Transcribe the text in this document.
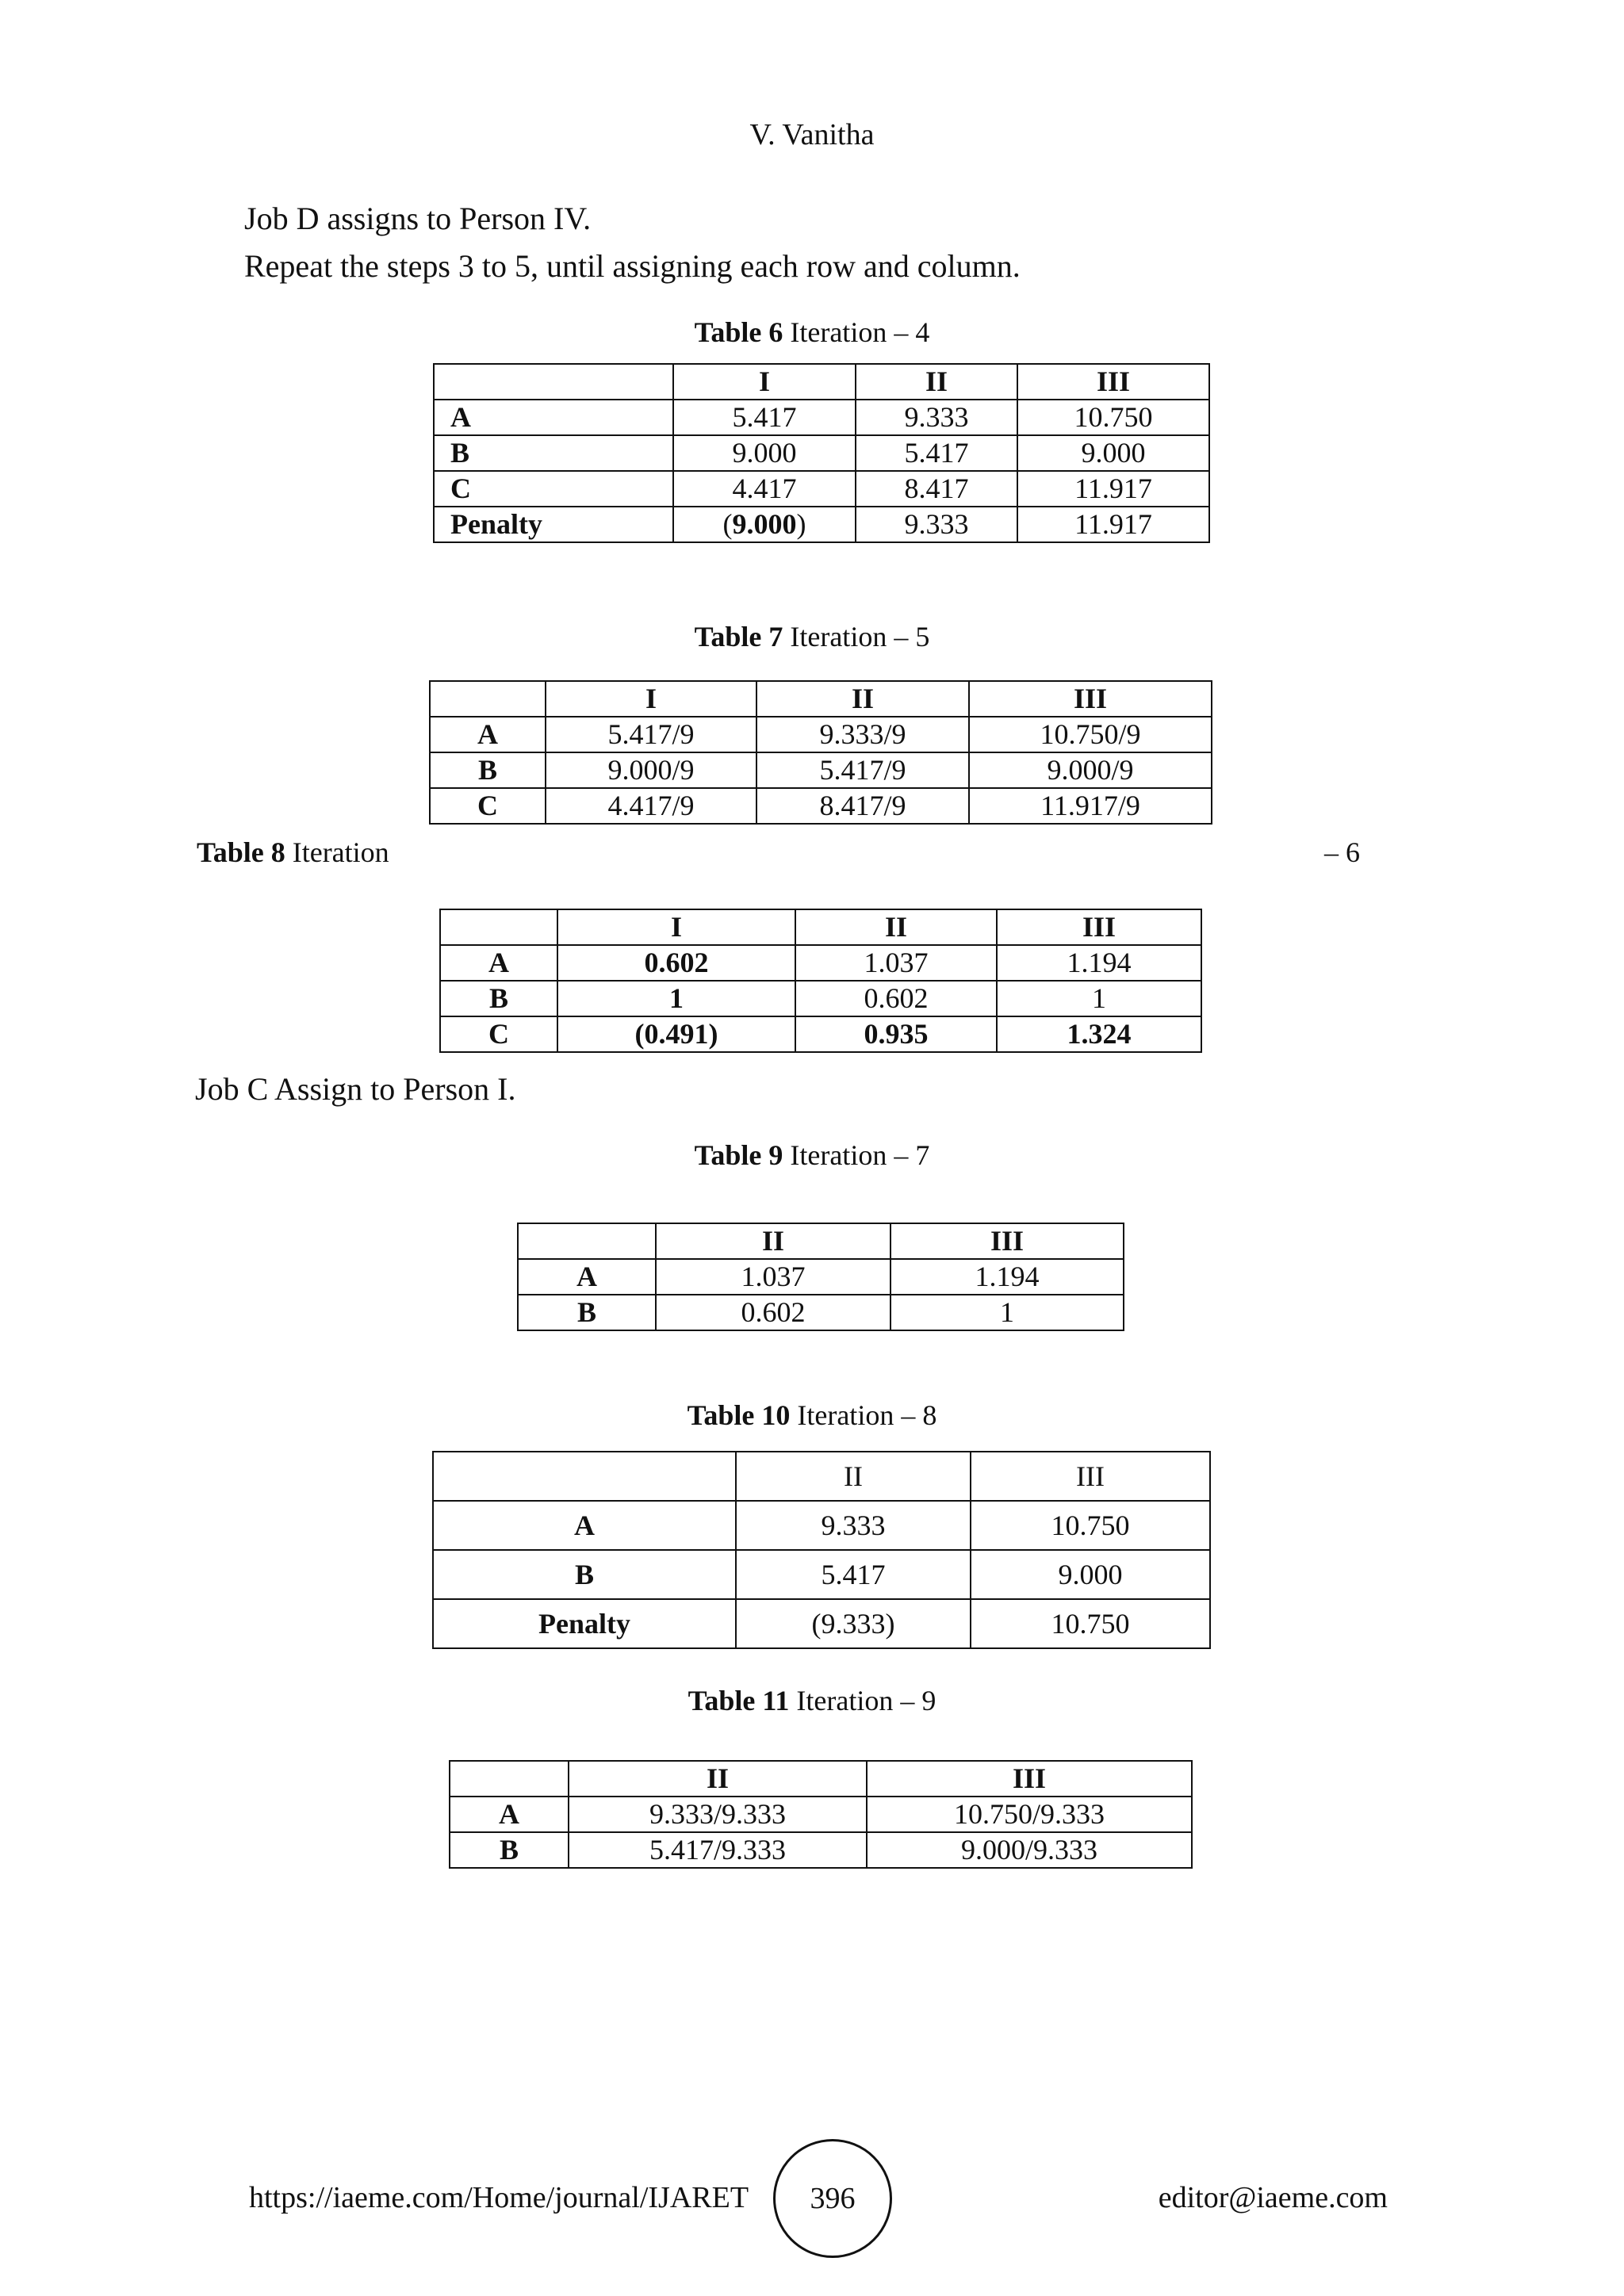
V. Vanitha
Job D assigns to Person IV.
Repeat the steps 3 to 5, until assigning each row and column.
Table 6 Iteration – 4
	I	II	III
A	5.417	9.333	10.750
B	9.000	5.417	9.000
C	4.417	8.417	11.917
Penalty	(9.000)	9.333	11.917
Table 7 Iteration – 5
	I	II	III
A	5.417/9	9.333/9	10.750/9
B	9.000/9	5.417/9	9.000/9
C	4.417/9	8.417/9	11.917/9
Table 8 Iteration	– 6
	I	II	III
A	0.602	1.037	1.194
B	1	0.602	1
C	(0.491)	0.935	1.324
Job C Assign to Person I.
Table 9 Iteration – 7
	II	III
A	1.037	1.194
B	0.602	1
Table 10 Iteration – 8
	II	III
A	9.333	10.750
B	5.417	9.000
Penalty	(9.333)	10.750
Table 11 Iteration – 9
	II	III
A	9.333/9.333	10.750/9.333
B	5.417/9.333	9.000/9.333
https://iaeme.com/Home/journal/IJARET 396	editor@iaeme.com
